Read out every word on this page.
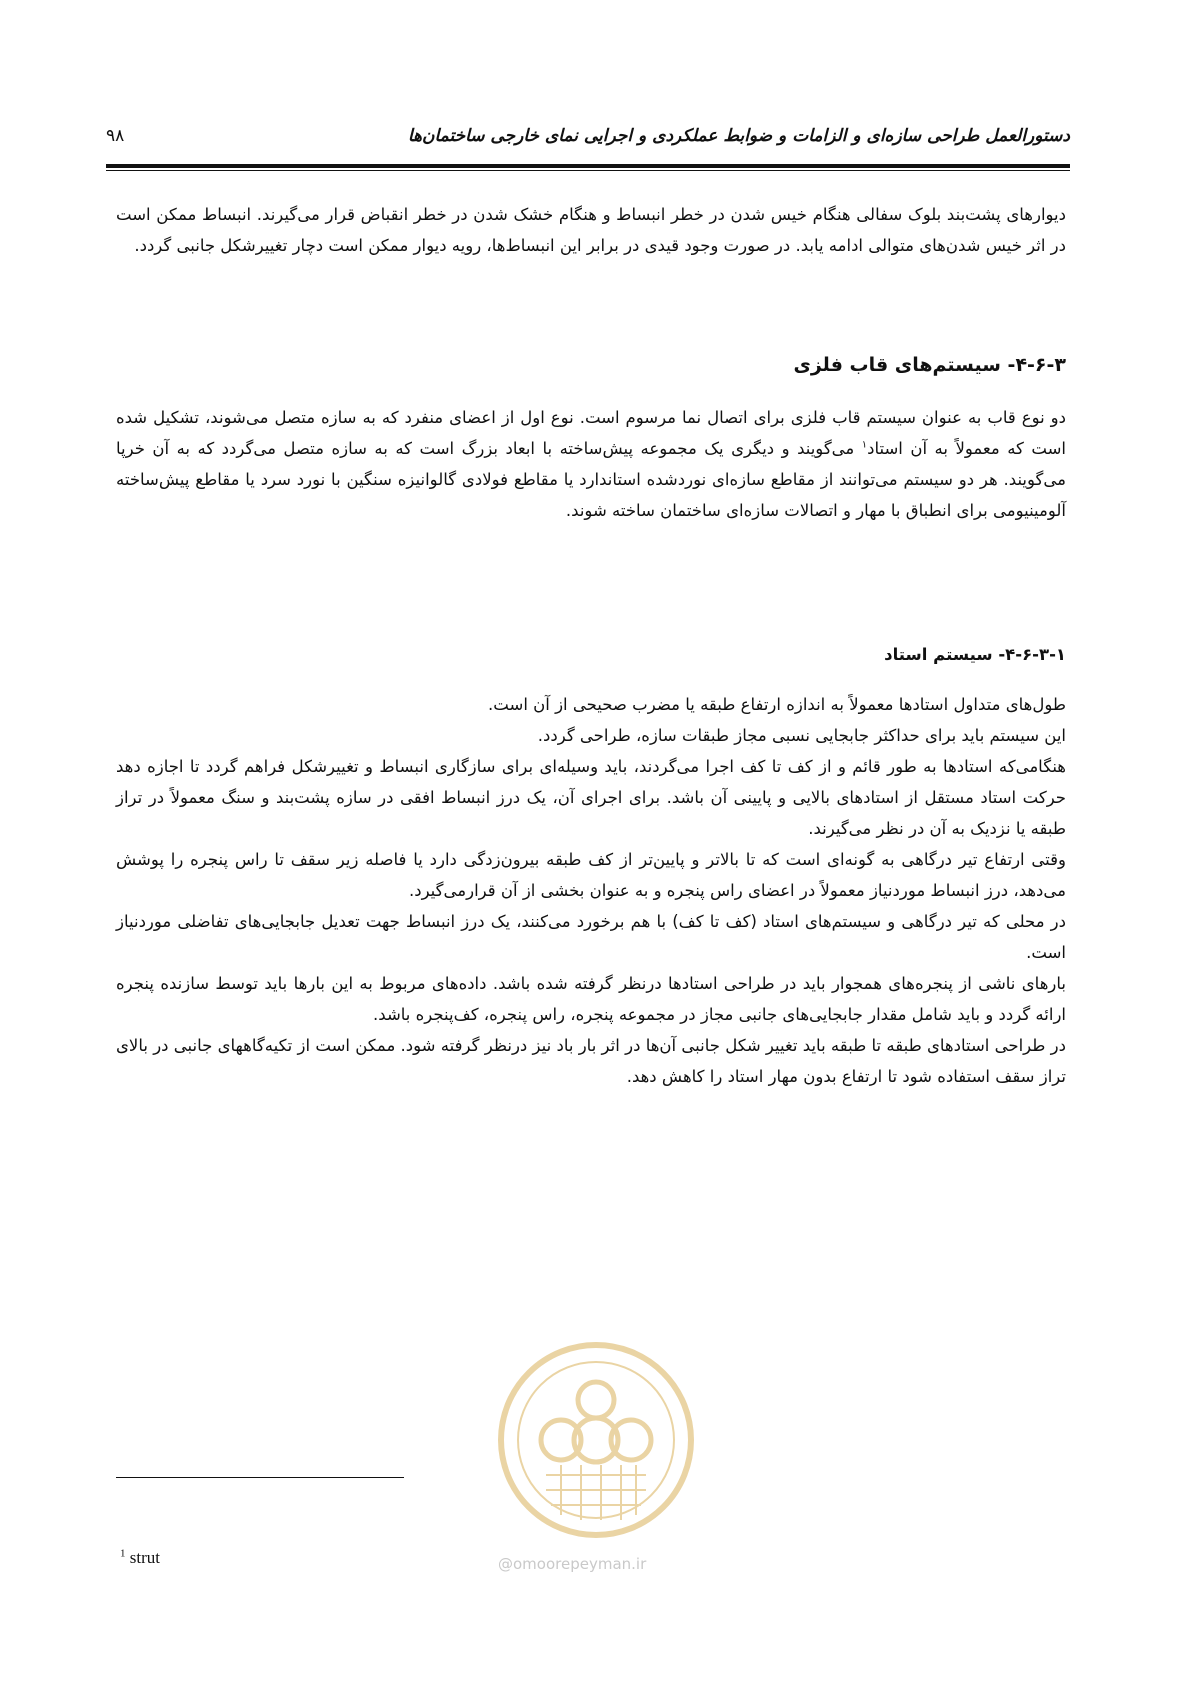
دستورالعمل طراحی سازه‌ای و الزامات و ضوابط عملکردی و اجرایی نمای خارجی ساختمان‌ها
۹۸

دیوارهای پشت‌بند بلوک سفالی هنگام خیس شدن در خطر انبساط و هنگام خشک شدن در خطر انقباض قرار می‌گیرند. انبساط ممکن است در اثر خیس شدن‌های متوالی ادامه یابد. در صورت وجود قیدی در برابر این انبساط‌ها، رویه دیوار ممکن است دچار تغییرشکل جانبی گردد.

۴-۶-۳- سیستم‌های قاب فلزی

دو نوع قاب به عنوان سیستم قاب فلزی برای اتصال نما مرسوم است. نوع اول از اعضای منفرد که به سازه متصل می‌شوند، تشکیل شده است که معمولاً به آن استاد$^۱$ می‌گویند و دیگری یک مجموعه پیش‌ساخته با ابعاد بزرگ است که به سازه متصل می‌گردد که به آن خرپا می‌گویند. هر دو سیستم می‌توانند از مقاطع سازه‌ای نوردشده استاندارد یا مقاطع فولادی گالوانیزه سنگین با نورد سرد یا مقاطع پیش‌ساخته آلومینیومی برای انطباق با مهار و اتصالات سازه‌ای ساختمان ساخته شوند.

۴-۶-۳-۱- سیستم استاد

طول‌های متداول استادها معمولاً به اندازه ارتفاع طبقه یا مضرب صحیحی از آن است.

این سیستم باید برای حداکثر جابجایی نسبی مجاز طبقات سازه، طراحی گردد.

هنگامی‌که استادها به طور قائم و از کف تا کف اجرا می‌گردند، باید وسیله‌ای برای سازگاری انبساط و تغییرشکل فراهم گردد تا اجازه دهد حرکت استاد مستقل از استادهای بالایی و پایینی آن باشد. برای اجرای آن، یک درز انبساط افقی در سازه پشت‌بند و سنگ معمولاً در تراز طبقه یا نزدیک به آن در نظر می‌گیرند.

وقتی ارتفاع تیر درگاهی به گونه‌ای است که تا بالاتر و پایین‌تر از کف طبقه بیرون‌زدگی دارد یا فاصله زیر سقف تا راس پنجره را پوشش می‌دهد، درز انبساط موردنیاز معمولاً در اعضای راس پنجره و به عنوان بخشی از آن قرارمی‌گیرد.

در محلی که تیر درگاهی و سیستم‌های استاد (کف تا کف) با هم برخورد می‌کنند، یک درز انبساط جهت تعدیل جابجایی‌های تفاضلی موردنیاز است.

بارهای ناشی از پنجره‌های همجوار باید در طراحی استادها درنظر گرفته شده باشد. داده‌های مربوط به این بارها باید توسط سازنده پنجره ارائه گردد و باید شامل مقدار جابجایی‌های جانبی مجاز در مجموعه پنجره، راس پنجره، کف‌پنجره باشد.

در طراحی استادهای طبقه تا طبقه باید تغییر شکل جانبی آن‌ها در اثر بار باد نیز درنظر گرفته شود. ممکن است از تکیه‌گاههای جانبی در بالای تراز سقف استفاده شود تا ارتفاع بدون مهار استاد را کاهش دهد.

@omoorepeyman.ir
$^1$ strut
